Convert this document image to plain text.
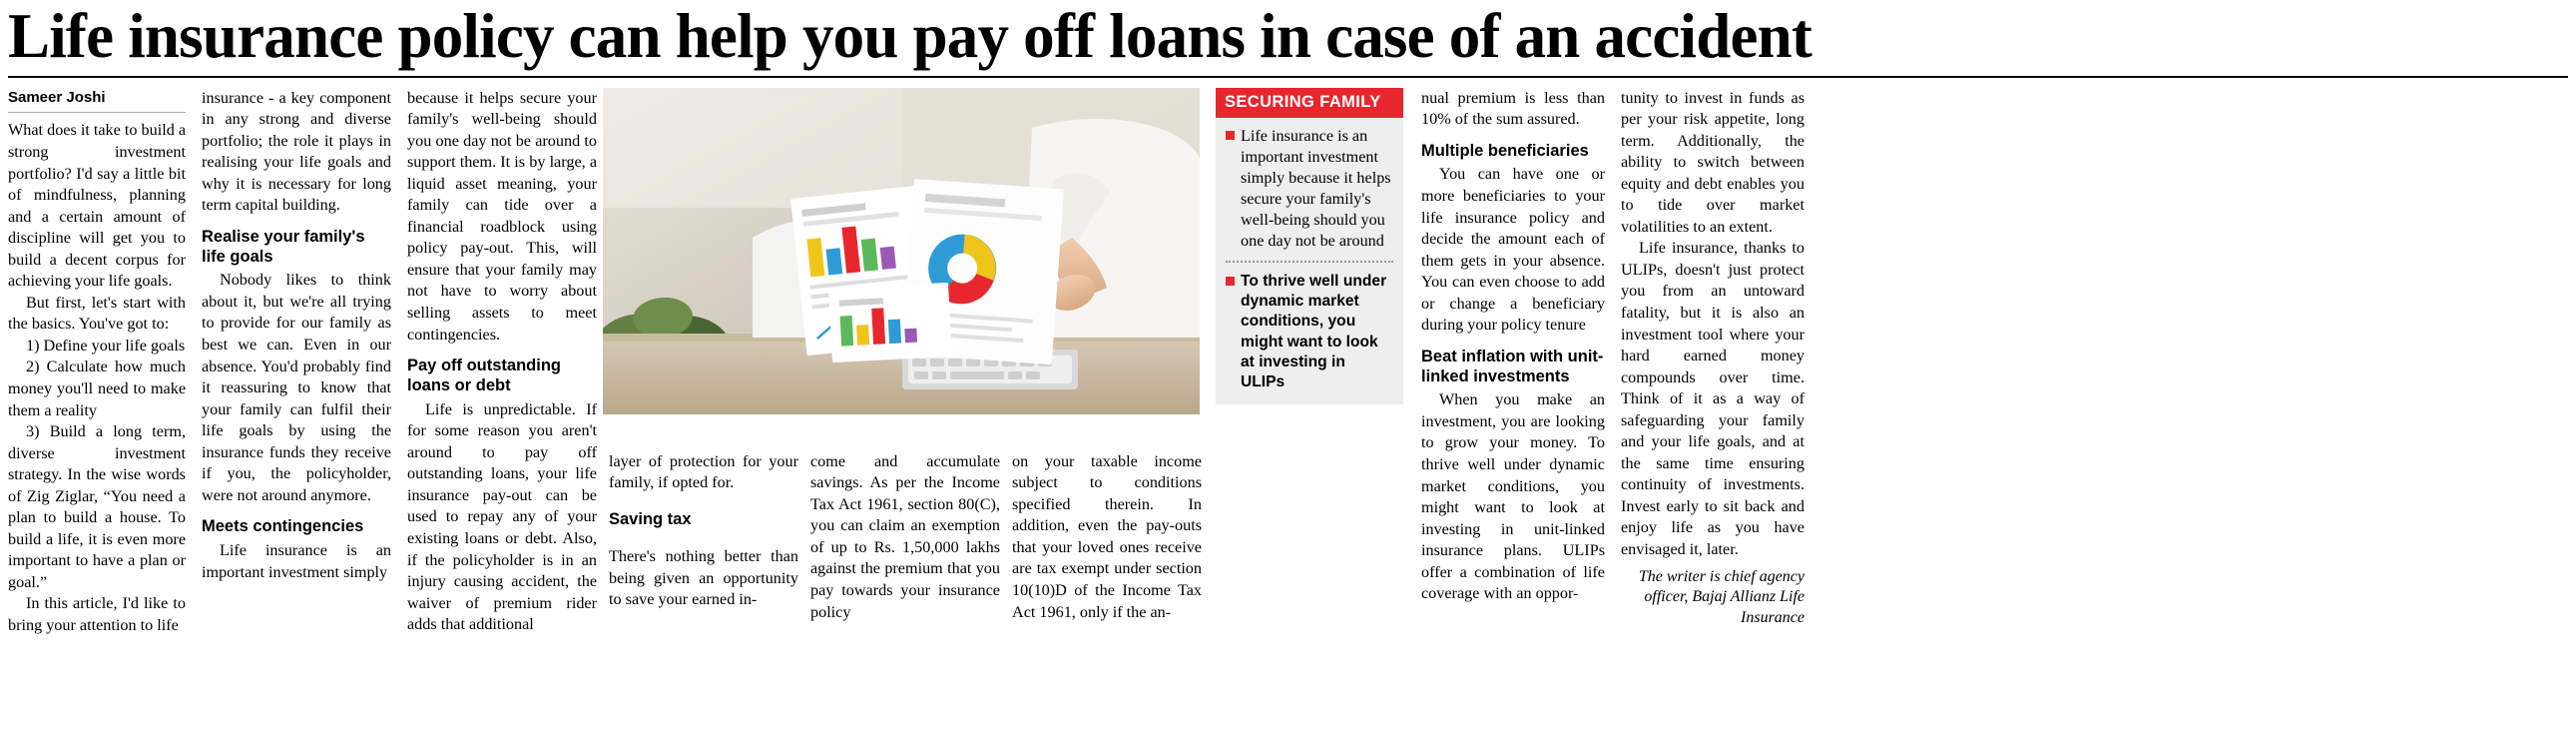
Life insurance policy can help you pay off loans in case of an accident
Sameer Joshi

What does it take to build a strong investment portfolio? I'd say a little bit of mindfulness, planning and a certain amount of discipline will get you to build a decent corpus for achieving your life goals.

But first, let's start with the basics. You've got to:

1) Define your life goals

2) Calculate how much money you'll need to make them a reality

3) Build a long term, diverse investment strategy. In the wise words of Zig Ziglar, “You need a plan to build a house. To build a life, it is even more important to have a plan or goal.”

In this article, I'd like to bring your attention to life

insurance - a key component in any strong and diverse portfolio; the role it plays in realising your life goals and why it is necessary for long term capital building.

Realise your family's life goals

Nobody likes to think about it, but we're all trying to provide for our family as best we can. Even in our absence. You'd probably find it reassuring to know that your family can fulfil their life goals by using the insurance funds they receive if you, the policyholder, were not around anymore.

Meets contingencies

Life insurance is an important investment simply

because it helps secure your family's well-being should you one day not be around to support them. It is by large, a liquid asset meaning, your family can tide over a financial roadblock using policy pay-out. This, will ensure that your family may not have to worry about selling assets to meet contingencies.

Pay off outstanding loans or debt

Life is unpredictable. If for some reason you aren't around to pay off outstanding loans, your life insurance pay-out can be used to repay any of your existing loans or debt. Also, if the policyholder is in an injury causing accident, the waiver of premium rider adds that additional

layer of protection for your family, if opted for.

Saving tax

There's nothing better than being given an opportunity to save your earned in-

come and accumulate savings. As per the Income Tax Act 1961, section 80(C), you can claim an exemption of up to Rs. 1,50,000 lakhs against the premium that you pay towards your insurance policy

on your taxable income subject to conditions specified therein. In addition, even the pay-outs that your loved ones receive are tax exempt under section 10(10)D of the Income Tax Act 1961, only if the an-

SECURING FAMILY
Life insurance is an important investment simply because it helps secure your family's well-being should you one day not be around
To thrive well under dynamic market conditions, you might want to look at investing in ULIPs

nual premium is less than 10% of the sum assured.

Multiple beneficiaries

You can have one or more beneficiaries to your life insurance policy and decide the amount each of them gets in your absence. You can even choose to add or change a beneficiary during your policy tenure

Beat inflation with unit-linked investments

When you make an investment, you are looking to grow your money. To thrive well under dynamic market conditions, you might want to look at investing in unit-linked insurance plans. ULIPs offer a combination of life coverage with an oppor-

tunity to invest in funds as per your risk appetite, long term. Additionally, the ability to switch between equity and debt enables you to tide over market volatilities to an extent.

Life insurance, thanks to ULIPs, doesn't just protect you from an untoward fatality, but it is also an investment tool where your hard earned money compounds over time. Think of it as a way of safeguarding your family and your life goals, and at the same time ensuring continuity of investments. Invest early to sit back and enjoy life as you have envisaged it, later.

The writer is chief agency officer, Bajaj Allianz Life Insurance
